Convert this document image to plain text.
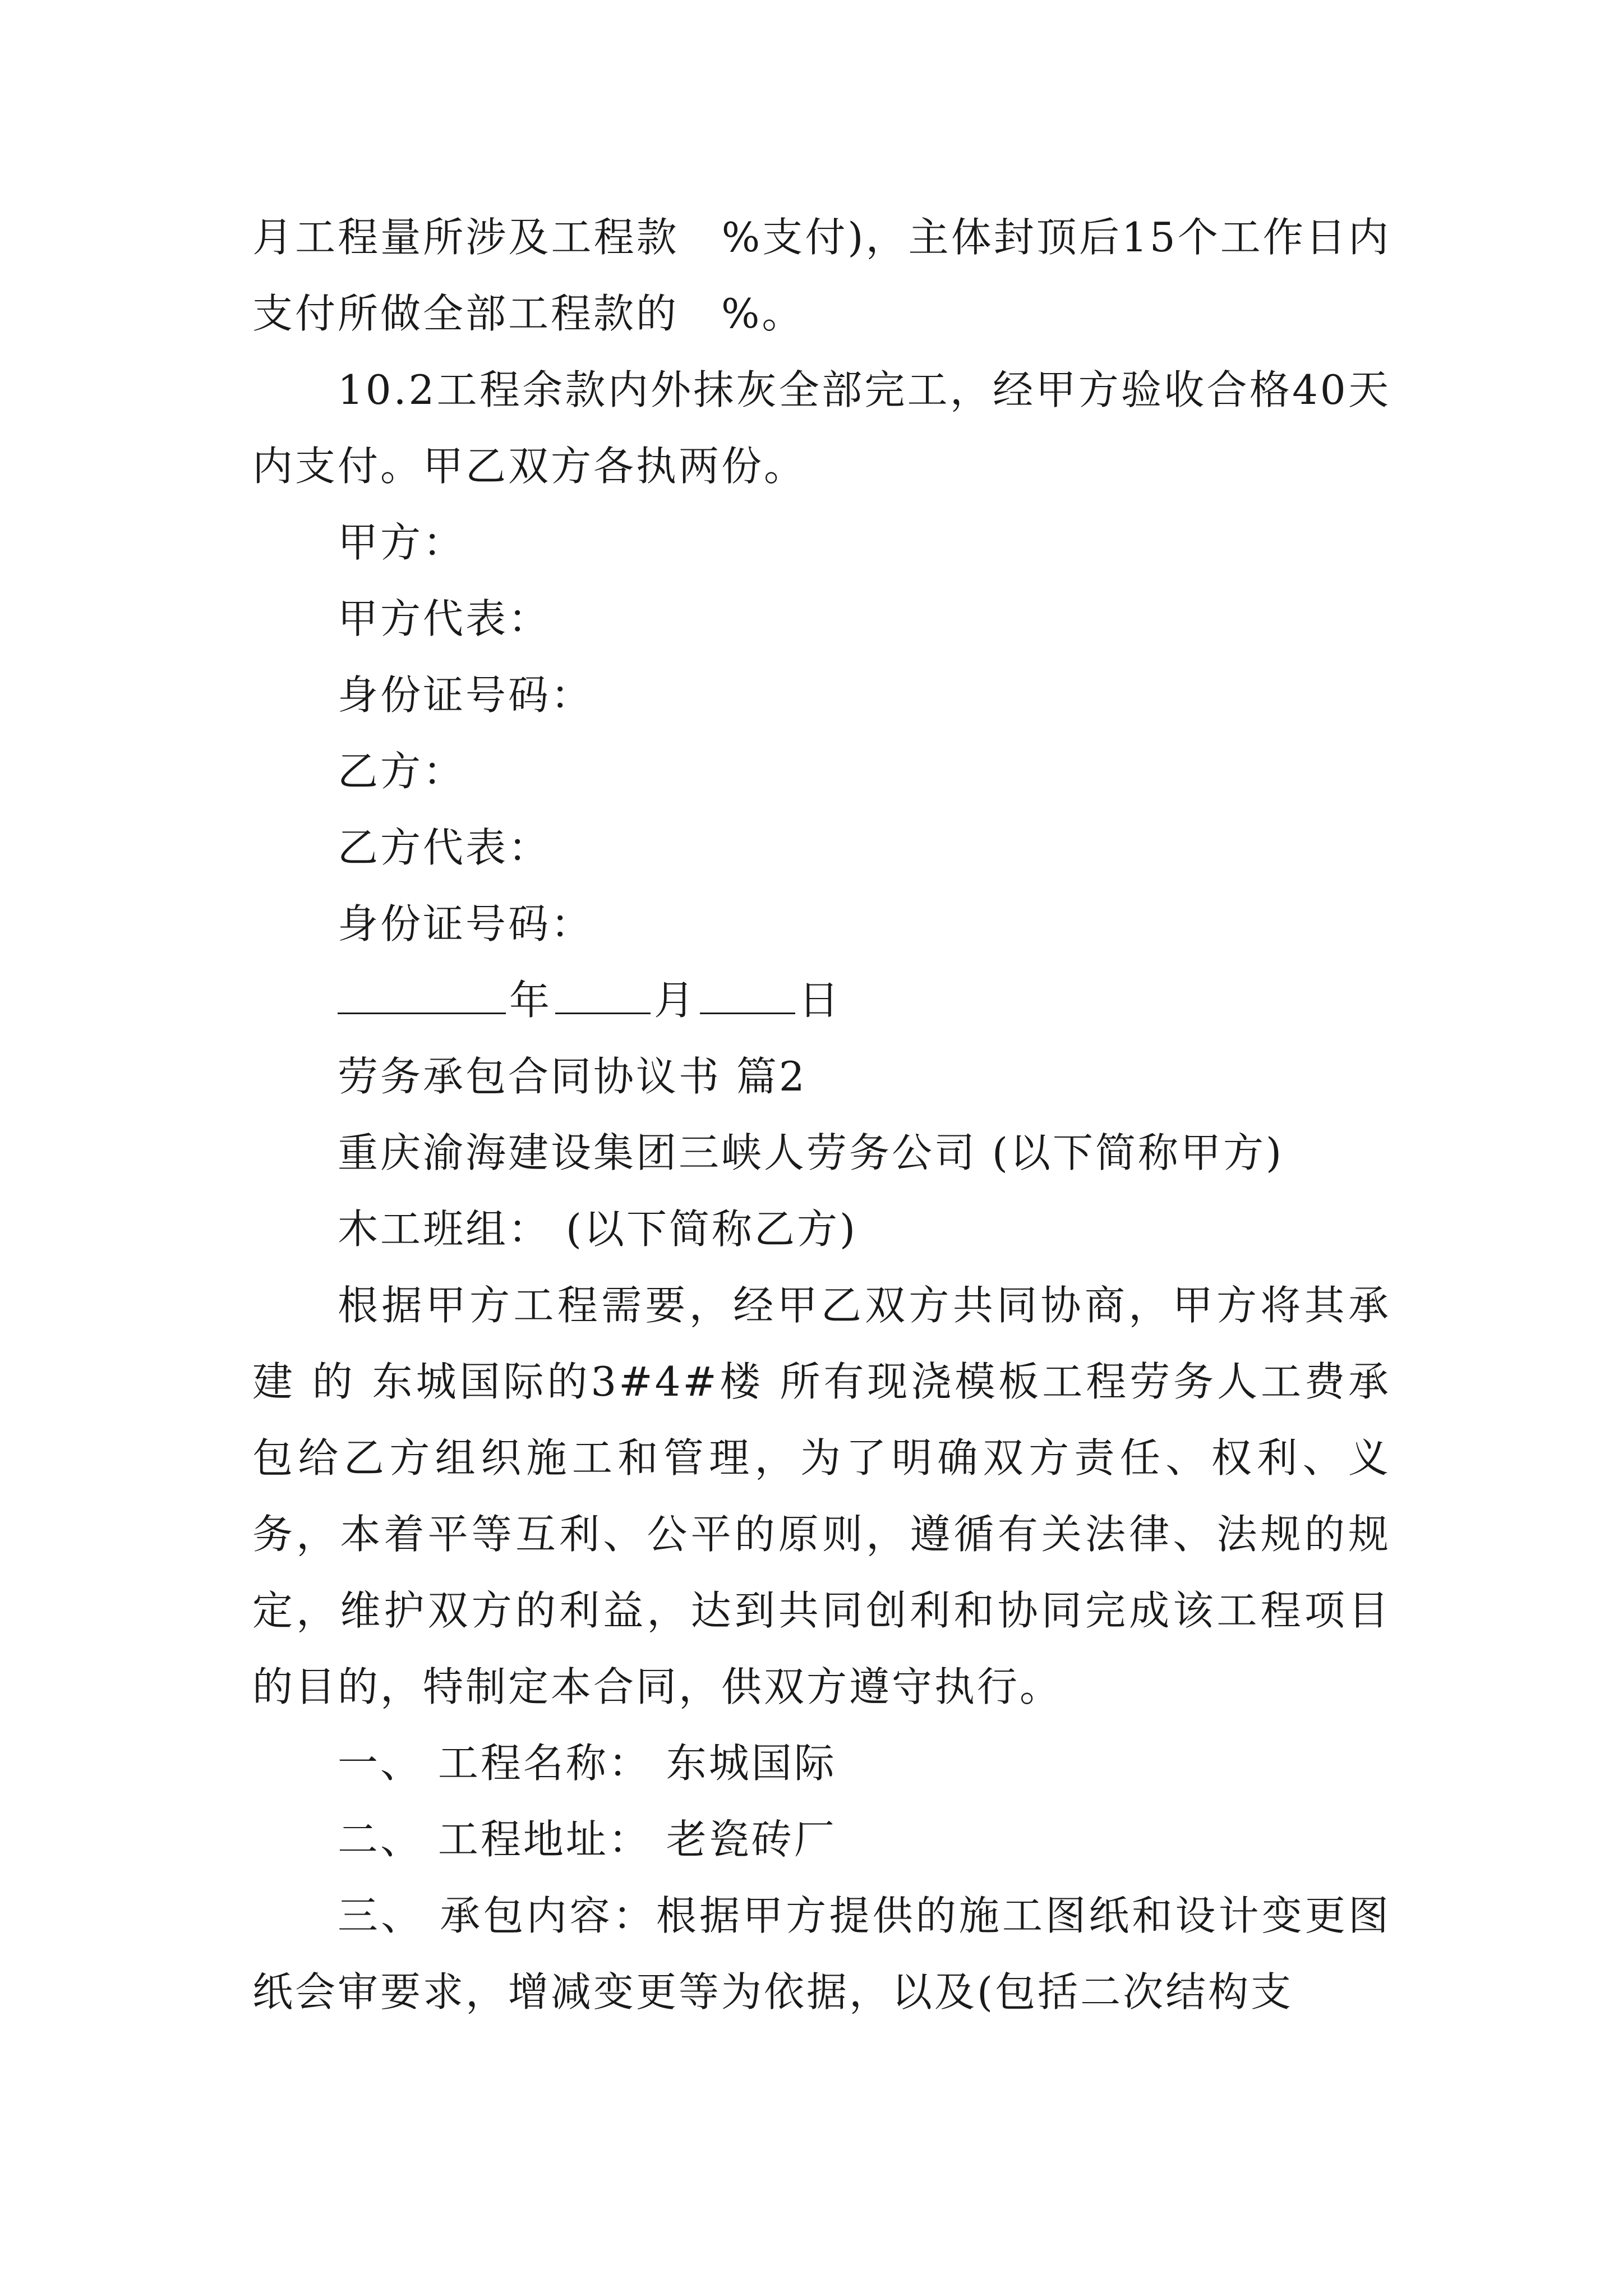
月工程量所涉及工程款　%支付)，主体封顶后15个工作日内支付所做全部工程款的　%。

10.2工程余款内外抹灰全部完工，经甲方验收合格40天内支付。甲乙双方各执两份。

甲方：

甲方代表：

身份证号码：

乙方：

乙方代表：

身份证号码：

年	月	日

劳务承包合同协议书 篇2

重庆渝海建设集团三峡人劳务公司 (以下简称甲方)

木工班组： (以下简称乙方)

根据甲方工程需要，经甲乙双方共同协商，甲方将其承建 的 东城国际的3#4#楼 所有现浇模板工程劳务人工费承包给乙方组织施工和管理，为了明确双方责任、权利、义务，本着平等互利、公平的原则，遵循有关法律、法规的规定，维护双方的利益，达到共同创利和协同完成该工程项目的目的，特制定本合同，供双方遵守执行。

一、 工程名称： 东城国际

二、 工程地址： 老瓷砖厂

三、 承包内容：根据甲方提供的施工图纸和设计变更图纸会审要求，增减变更等为依据，以及(包括二次结构支
